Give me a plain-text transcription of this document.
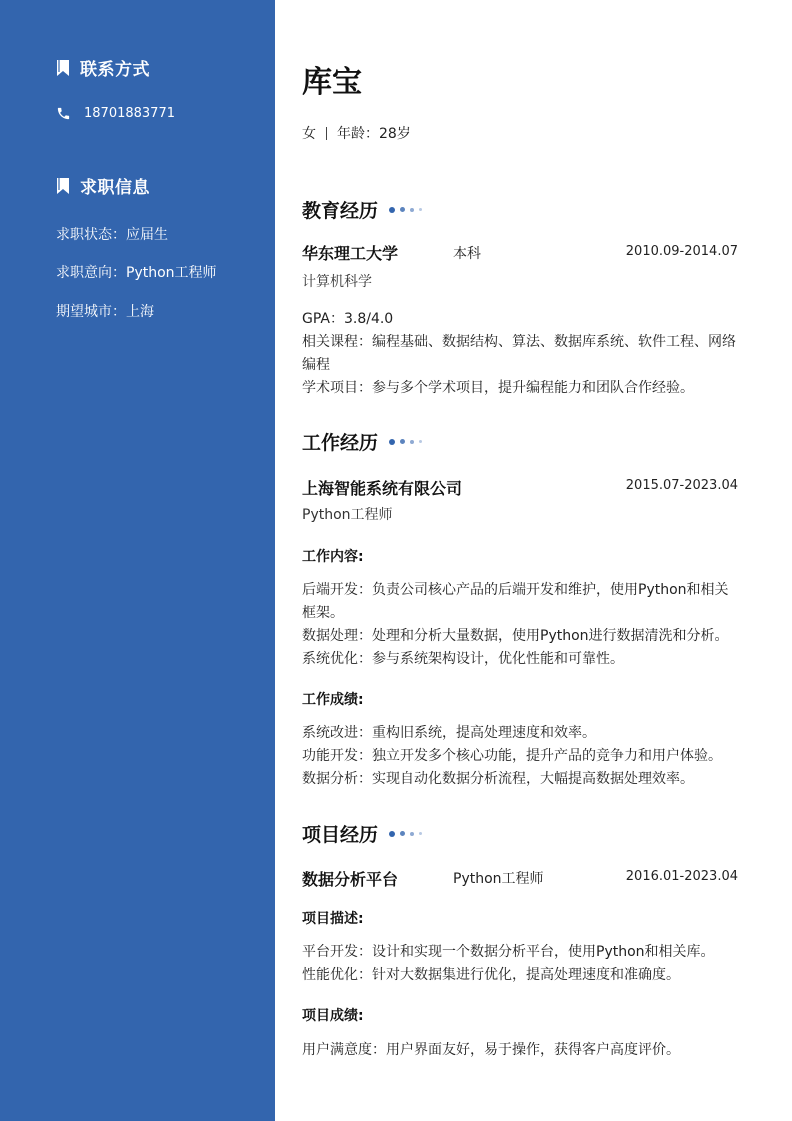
联系方式
18701883771
求职信息
求职状态：应届生
求职意向：Python工程师
期望城市：上海
库宝
女 年龄：28岁
教育经历
华东理工大学	本科	2010.09-2014.07
计算机科学
GPA：3.8/4.0
相关课程：编程基础、数据结构、算法、数据库系统、软件工程、网络编程
学术项目：参与多个学术项目，提升编程能力和团队合作经验。
工作经历
上海智能系统有限公司	2015.07-2023.04
Python工程师
工作内容:
后端开发：负责公司核心产品的后端开发和维护，使用Python和相关框架。
数据处理：处理和分析大量数据，使用Python进行数据清洗和分析。
系统优化：参与系统架构设计，优化性能和可靠性。
工作成绩:
系统改进：重构旧系统，提高处理速度和效率。
功能开发：独立开发多个核心功能，提升产品的竞争力和用户体验。
数据分析：实现自动化数据分析流程，大幅提高数据处理效率。
项目经历
数据分析平台	Python工程师	2016.01-2023.04
项目描述:
平台开发：设计和实现一个数据分析平台，使用Python和相关库。
性能优化：针对大数据集进行优化，提高处理速度和准确度。
项目成绩:
用户满意度：用户界面友好，易于操作，获得客户高度评价。
